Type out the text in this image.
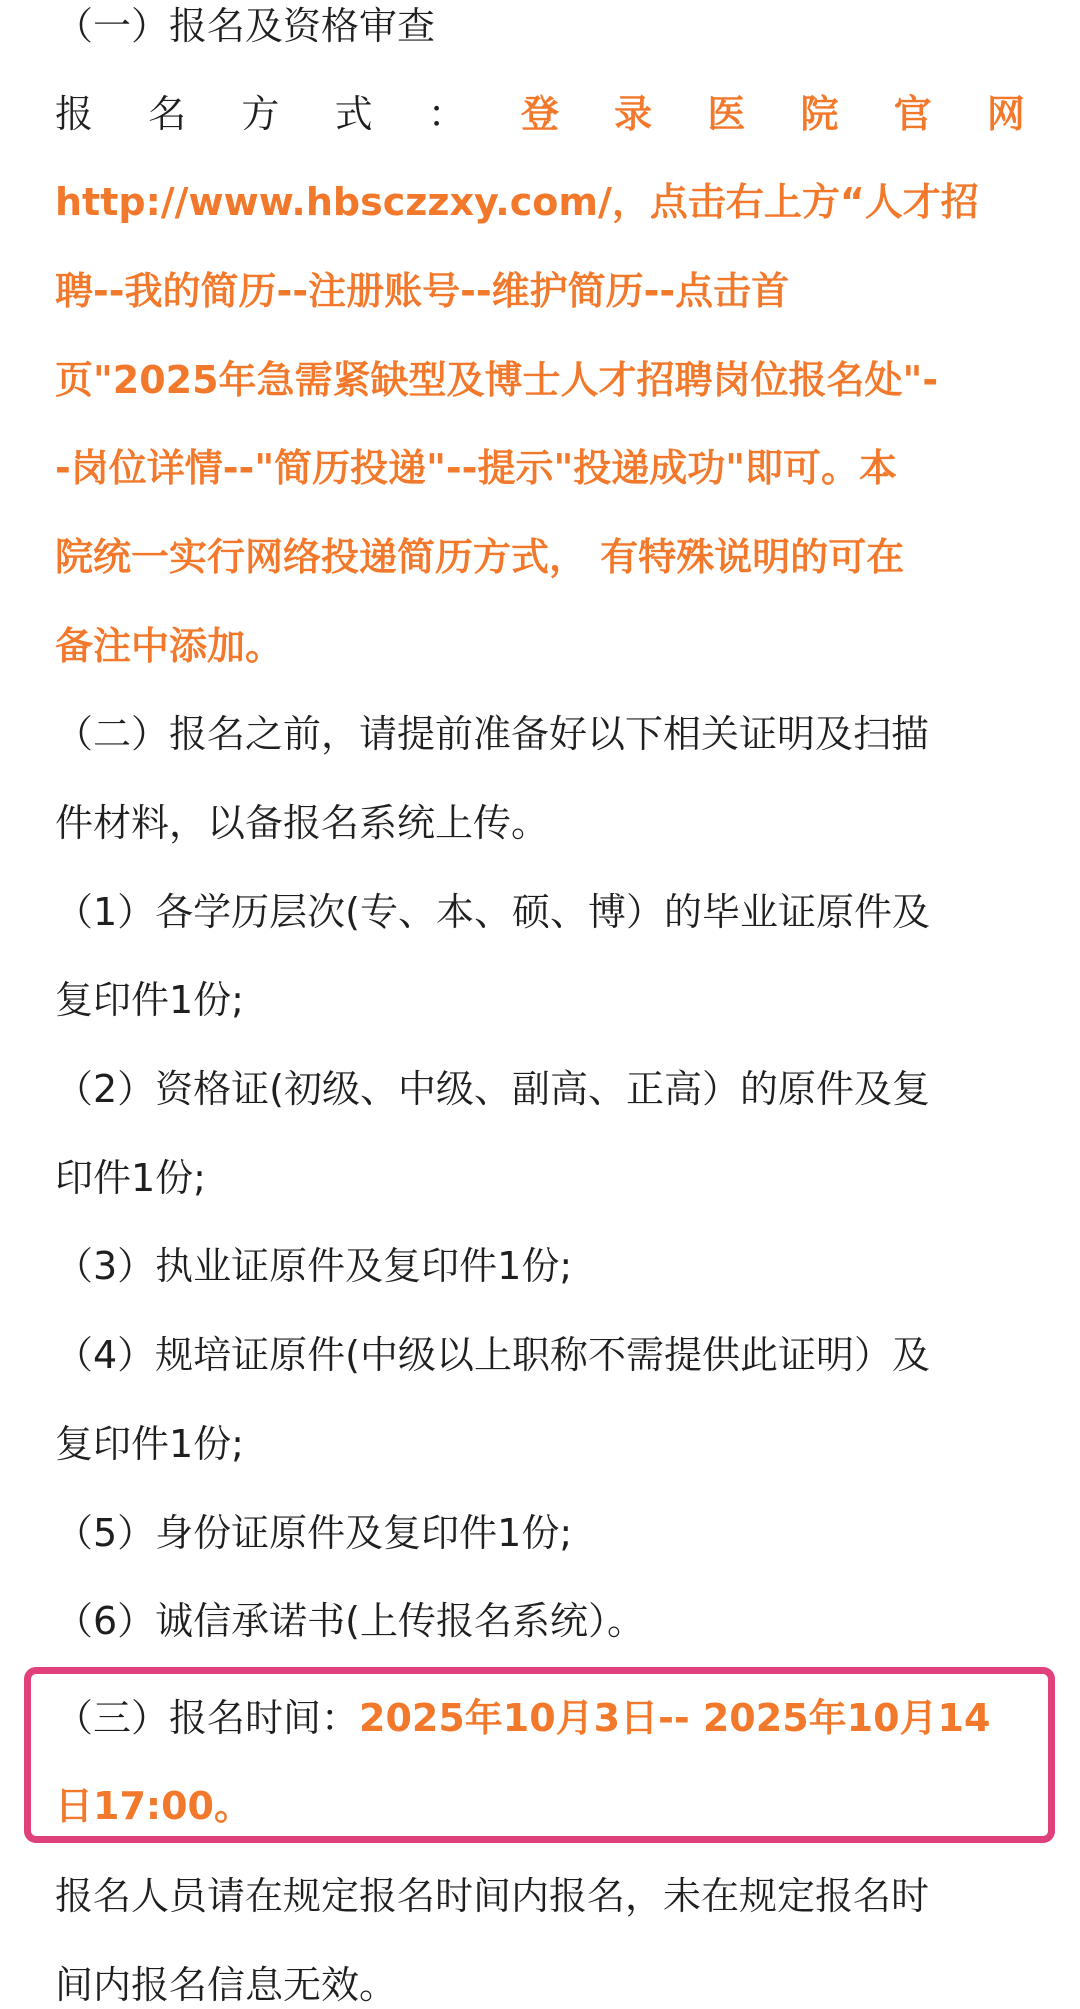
（一）报名及资格审查
报 名 方 式 ： 登 录 医 院 官 网
http://www.hbsczzxy.com/，点击右上方“人才招
聘--我的简历--注册账号--维护简历--点击首
页"2025年急需紧缺型及博士人才招聘岗位报名处"-
-岗位详情--"简历投递"--提示"投递成功"即可。本
院统一实行网络投递简历方式， 有特殊说明的可在
备注中添加。
（二）报名之前，请提前准备好以下相关证明及扫描
件材料，以备报名系统上传。
（1）各学历层次(专、本、硕、博）的毕业证原件及
复印件1份;
（2）资格证(初级、中级、副高、正高）的原件及复
印件1份;
（3）执业证原件及复印件1份;
（4）规培证原件(中级以上职称不需提供此证明）及
复印件1份;
（5）身份证原件及复印件1份;
（6）诚信承诺书(上传报名系统）。
（三）报名时间：2025年10月3日-- 2025年10月14
日17:00。
报名人员请在规定报名时间内报名，未在规定报名时
间内报名信息无效。
